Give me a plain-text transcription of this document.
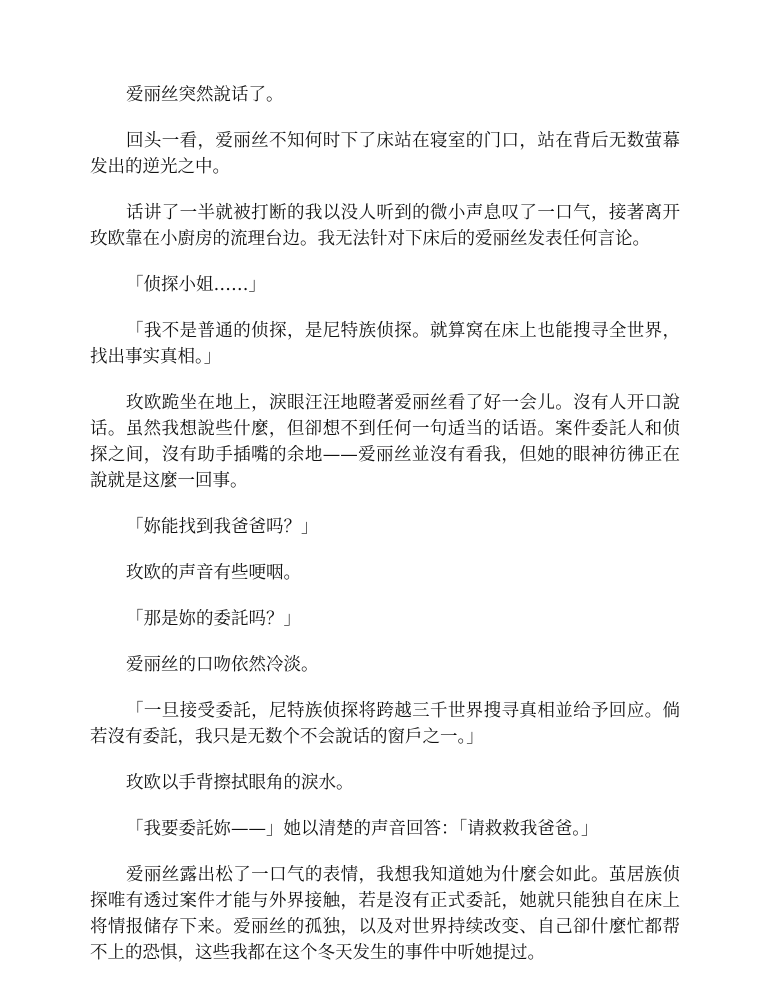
爱丽丝突然說话了。

回头一看，爱丽丝不知何时下了床站在寝室的门口，站在背后无数萤幕发出的逆光之中。

话讲了一半就被打断的我以没人听到的微小声息叹了一口气，接著离开玫欧靠在小廚房的流理台边。我无法针对下床后的爱丽丝发表任何言论。

「侦探小姐……」

「我不是普通的侦探，是尼特族侦探。就算窝在床上也能搜寻全世界，找出事实真相。」

玫欧跪坐在地上，淚眼汪汪地瞪著爱丽丝看了好一会儿。沒有人开口說话。虽然我想說些什麼，但卻想不到任何一句适当的话语。案件委託人和侦探之间，沒有助手插嘴的余地——爱丽丝並沒有看我，但她的眼神彷彿正在說就是这麼一回事。

「妳能找到我爸爸吗？」

玫欧的声音有些哽咽。

「那是妳的委託吗？」

爱丽丝的口吻依然冷淡。

「一旦接受委託，尼特族侦探将跨越三千世界搜寻真相並给予回应。倘若沒有委託，我只是无数个不会說话的窗戶之一。」

玫欧以手背擦拭眼角的淚水。

「我要委託妳——」她以清楚的声音回答：「请救救我爸爸。」

爱丽丝露出松了一口气的表情，我想我知道她为什麼会如此。茧居族侦探唯有透过案件才能与外界接触，若是沒有正式委託，她就只能独自在床上将情报储存下来。爱丽丝的孤独，以及对世界持续改变、自己卻什麼忙都帮不上的恐惧，这些我都在这个冬天发生的事件中听她提过。
